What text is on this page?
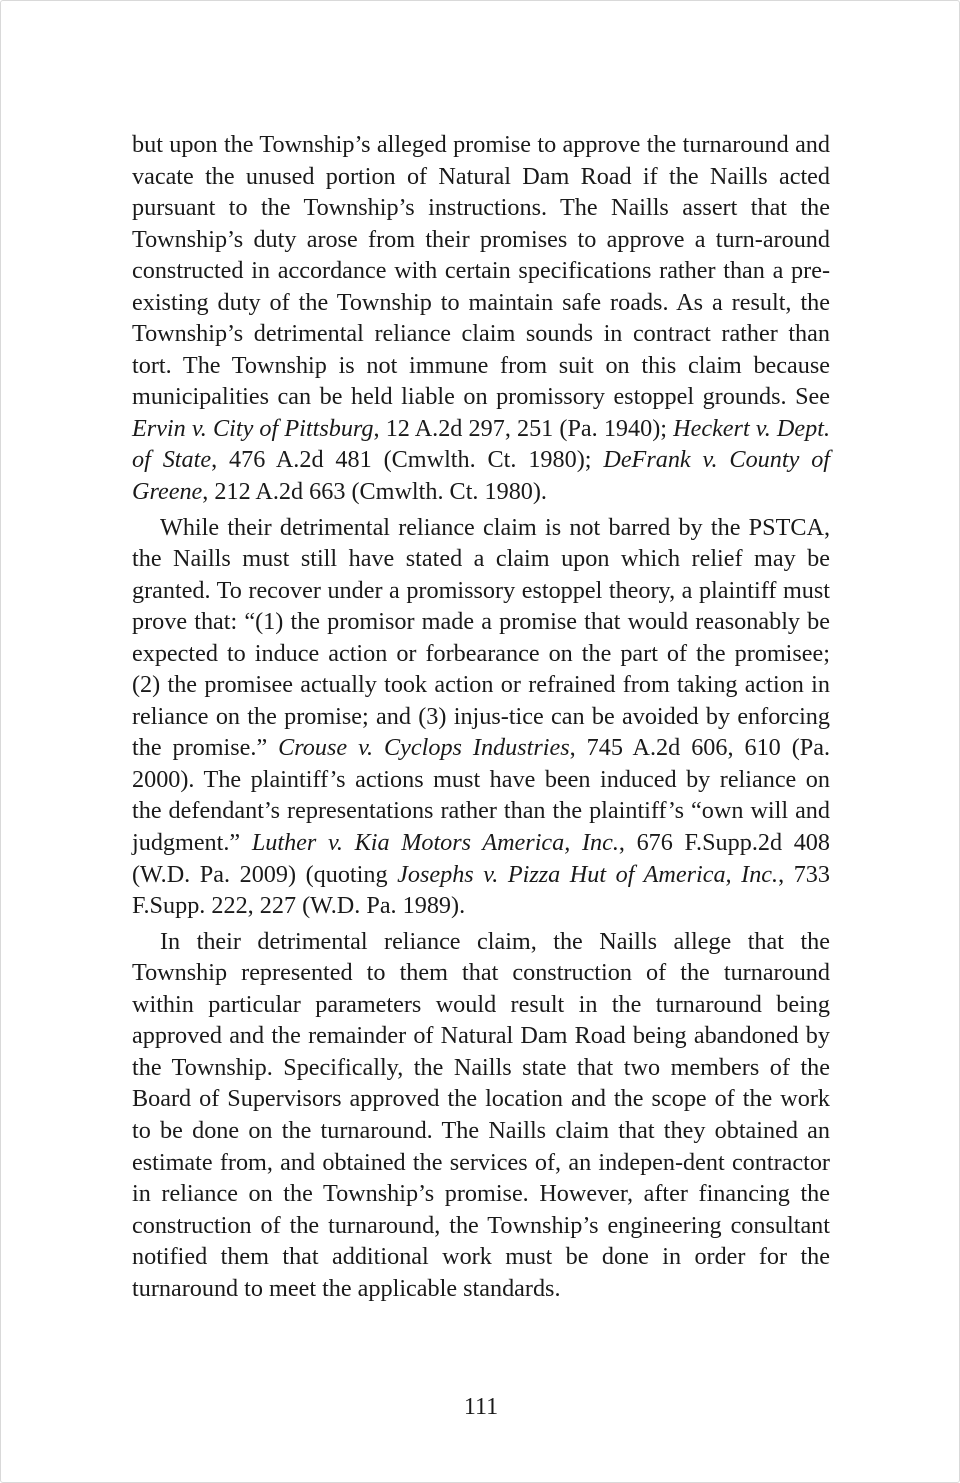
but upon the Township’s alleged promise to approve the turnaround and vacate the unused portion of Natural Dam Road if the Naills acted pursuant to the Township’s instructions. The Naills assert that the Township’s duty arose from their promises to approve a turn-around constructed in accordance with certain specifications rather than a pre-existing duty of the Township to maintain safe roads. As a result, the Township’s detrimental reliance claim sounds in contract rather than tort. The Township is not immune from suit on this claim because municipalities can be held liable on promissory estoppel grounds. See Ervin v. City of Pittsburg, 12 A.2d 297, 251 (Pa. 1940); Heckert v. Dept. of State, 476 A.2d 481 (Cmwlth. Ct. 1980); DeFrank v. County of Greene, 212 A.2d 663 (Cmwlth. Ct. 1980).

While their detrimental reliance claim is not barred by the PSTCA, the Naills must still have stated a claim upon which relief may be granted. To recover under a promissory estoppel theory, a plaintiff must prove that: “(1) the promisor made a promise that would reasonably be expected to induce action or forbearance on the part of the promisee; (2) the promisee actually took action or refrained from taking action in reliance on the promise; and (3) injus-tice can be avoided by enforcing the promise.” Crouse v. Cyclops Industries, 745 A.2d 606, 610 (Pa. 2000). The plaintiff’s actions must have been induced by reliance on the defendant’s representations rather than the plaintiff’s “own will and judgment.” Luther v. Kia Motors America, Inc., 676 F.Supp.2d 408 (W.D. Pa. 2009) (quoting Josephs v. Pizza Hut of America, Inc., 733 F.Supp. 222, 227 (W.D. Pa. 1989).

In their detrimental reliance claim, the Naills allege that the Township represented to them that construction of the turnaround within particular parameters would result in the turnaround being approved and the remainder of Natural Dam Road being abandoned by the Township. Specifically, the Naills state that two members of the Board of Supervisors approved the location and the scope of the work to be done on the turnaround. The Naills claim that they obtained an estimate from, and obtained the services of, an indepen-dent contractor in reliance on the Township’s promise. However, after financing the construction of the turnaround, the Township’s engineering consultant notified them that additional work must be done in order for the turnaround to meet the applicable standards.

111
